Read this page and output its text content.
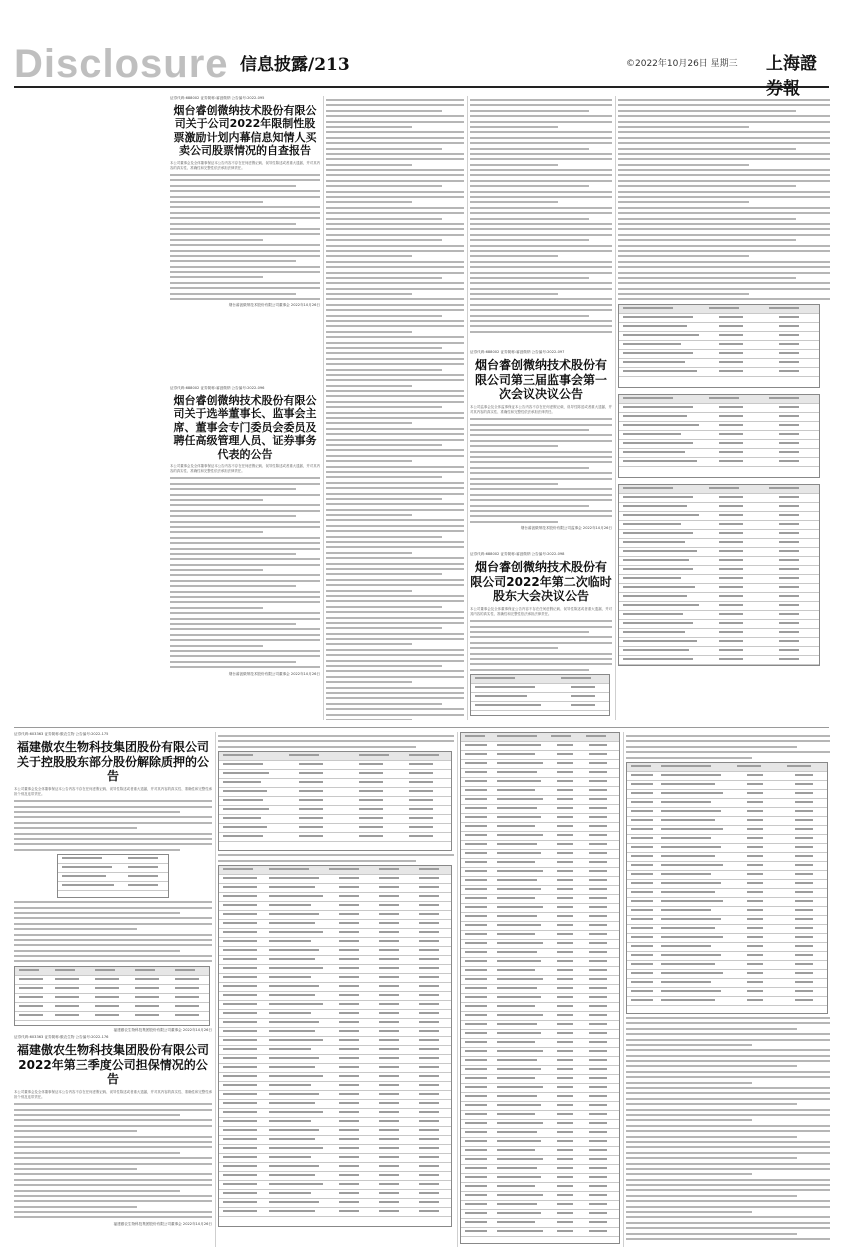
Disclosure 信息披露/213	©2022年10月26日 星期三 上海證券報
证券代码:688002 证券简称:睿创微纳 公告编号:2022-095
烟台睿创微纳技术股份有限公司关于公司2022年限制性股票激励计划内幕信息知情人买卖公司股票情况的自查报告
本公司董事会及全体董事保证本公告内容不存在任何虚假记载、误导性陈述或者重大遗漏，并对其内容的真实性、准确性和完整性依法承担法律责任。
烟台睿创微纳技术股份有限公司董事会 2022年10月26日
证券代码:688002 证券简称:睿创微纳 公告编号:2022-096
烟台睿创微纳技术股份有限公司关于选举董事长、监事会主席、董事会专门委员会委员及聘任高级管理人员、证券事务代表的公告
本公司董事会及全体董事保证本公告内容不存在任何虚假记载、误导性陈述或者重大遗漏，并对其内容的真实性、准确性和完整性依法承担法律责任。
烟台睿创微纳技术股份有限公司董事会 2022年10月26日
证券代码:688002 证券简称:睿创微纳 公告编号:2022-097
烟台睿创微纳技术股份有限公司第三届监事会第一次会议决议公告
本公司监事会及全体监事保证本公告内容不存在任何虚假记载、误导性陈述或者重大遗漏，并对其内容的真实性、准确性和完整性依法承担法律责任。
烟台睿创微纳技术股份有限公司监事会 2022年10月26日
证券代码:688002 证券简称:睿创微纳 公告编号:2022-098
烟台睿创微纳技术股份有限公司2022年第二次临时股东大会决议公告
本公司董事会及全体董事保证公告内容不存在任何虚假记载、误导性陈述或者重大遗漏，并对其内容的真实性、准确性和完整性依法承担法律责任。
证券代码:603363 证券简称:傲农生物 公告编号:2022-175
福建傲农生物科技集团股份有限公司关于控股股东部分股份解除质押的公告
本公司董事会及全体董事保证本公告内容不存在任何虚假记载、误导性陈述或者重大遗漏，并对其内容的真实性、准确性和完整性承担个别及连带责任。
福建傲农生物科技集团股份有限公司董事会 2022年10月26日
证券代码:603363 证券简称:傲农生物 公告编号:2022-176
福建傲农生物科技集团股份有限公司2022年第三季度公司担保情况的公告
本公司董事会及全体董事保证本公告内容不存在任何虚假记载、误导性陈述或者重大遗漏，并对其内容的真实性、准确性和完整性承担个别及连带责任。
福建傲农生物科技集团股份有限公司董事会 2022年10月26日
